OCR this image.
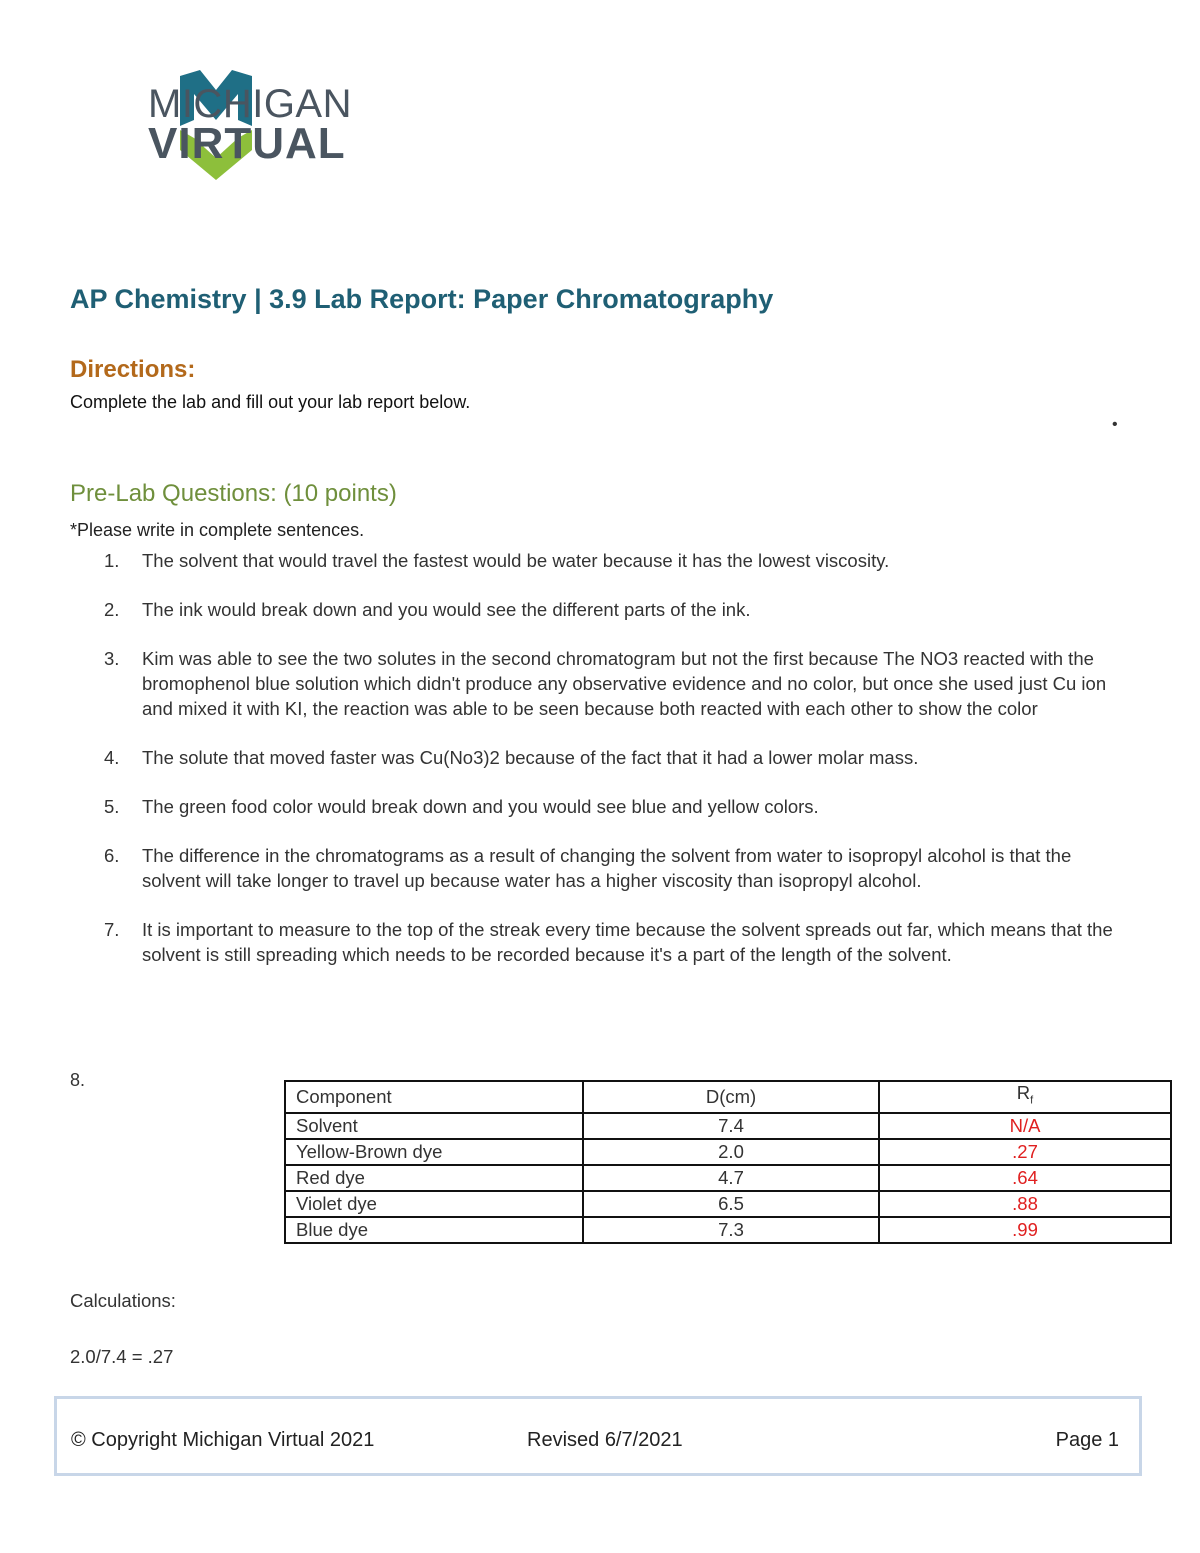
MICHIGAN
VIRTUAL
AP Chemistry | 3.9 Lab Report: Paper Chromatography
Directions:
Complete the lab and fill out your lab report below.
•
Pre-Lab Questions: (10 points)
*Please write in complete sentences.
1. The solvent that would travel the fastest would be water because it has the lowest viscosity.
2. The ink would break down and you would see the different parts of the ink.
3. Kim was able to see the two solutes in the second chromatogram but not the first because The NO3 reacted with the bromophenol blue solution which didn't produce any observative evidence and no color, but once she used just Cu ion and mixed it with KI, the reaction was able to be seen because both reacted with each other to show the color
4. The solute that moved faster was Cu(No3)2 because of the fact that it had a lower molar mass.
5. The green food color would break down and you would see blue and yellow colors.
6. The difference in the chromatograms as a result of changing the solvent from water to isopropyl alcohol is that the solvent will take longer to travel up because water has a higher viscosity than isopropyl alcohol.
7. It is important to measure to the top of the streak every time because the solvent spreads out far, which means that the solvent is still spreading which needs to be recorded because it's a part of the length of the solvent.
8.
Component	D(cm)	$R_f$
Solvent	7.4	N/A
Yellow-Brown dye	2.0	.27
Red dye	4.7	.64
Violet dye	6.5	.88
Blue dye	7.3	.99
Calculations:
2.0/7.4 = .27
© Copyright Michigan Virtual 2021	Revised 6/7/2021	Page 1
